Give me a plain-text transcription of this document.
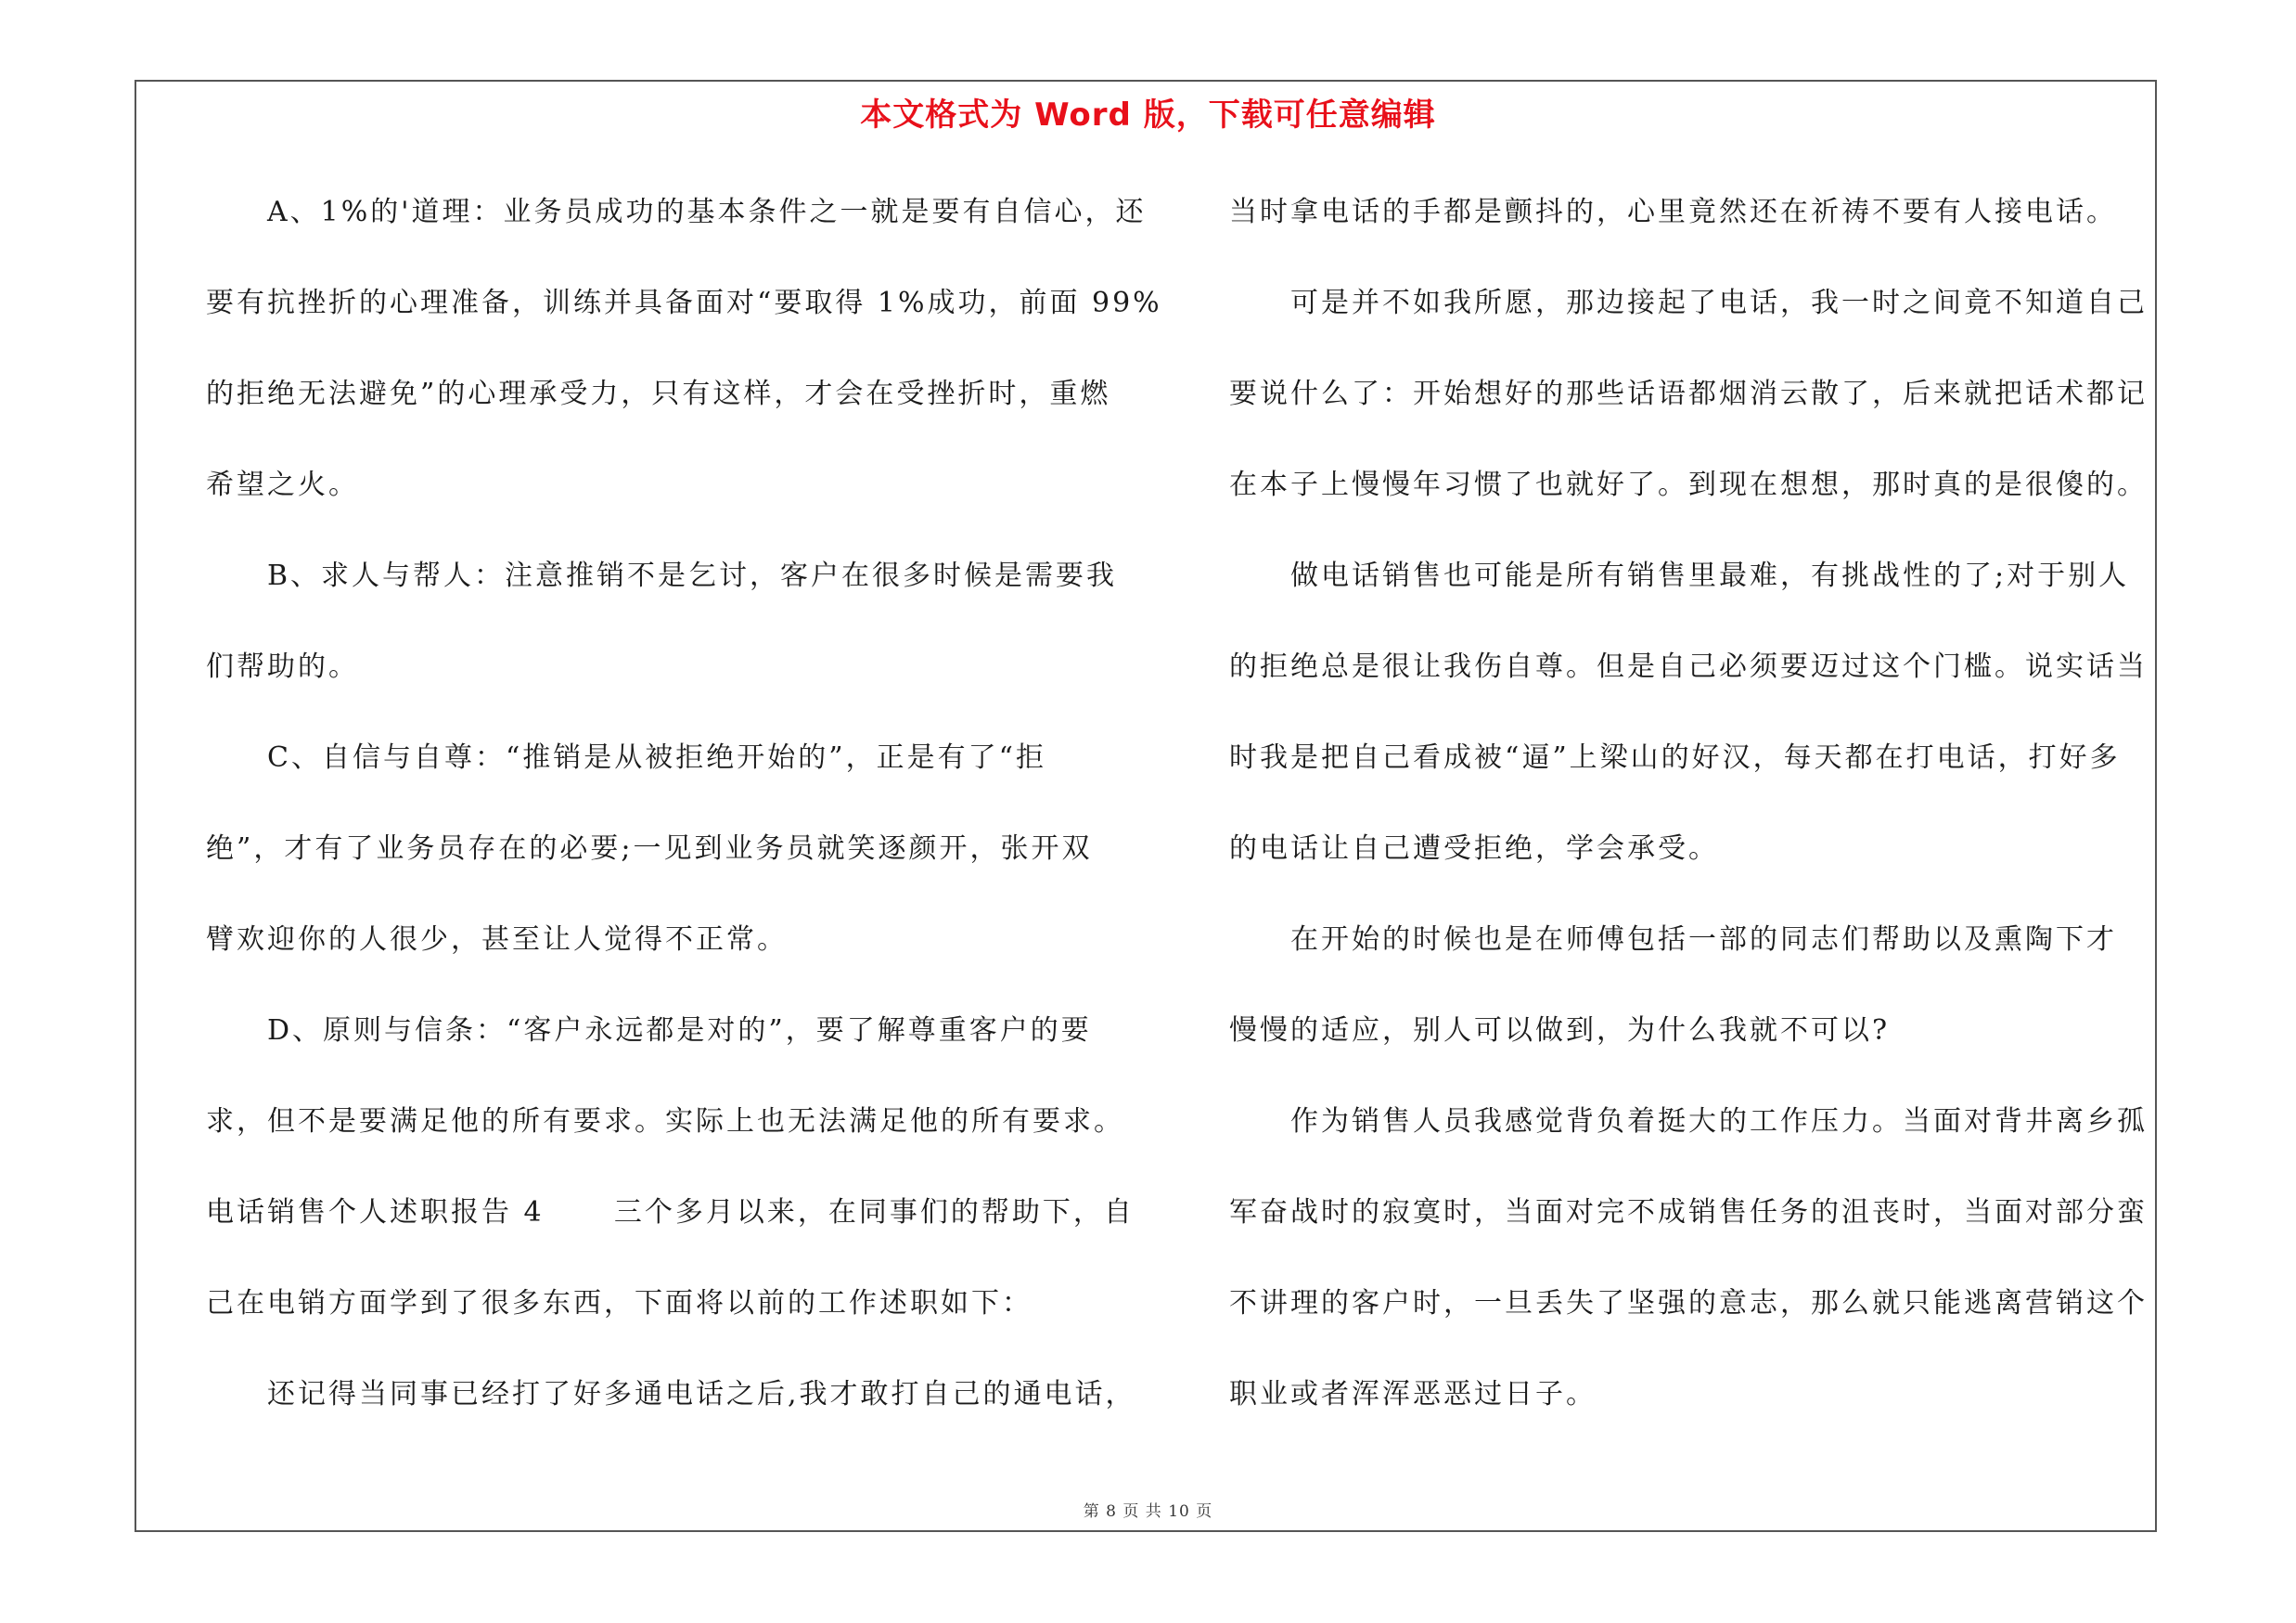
本文格式为 Word 版，下载可任意编辑
A、1%的'道理：业务员成功的基本条件之一就是要有自信心，还
要有抗挫折的心理准备，训练并具备面对“要取得 1%成功，前面 99%
的拒绝无法避免”的心理承受力，只有这样，才会在受挫折时，重燃
希望之火。
B、求人与帮人：注意推销不是乞讨，客户在很多时候是需要我
们帮助的。
C、自信与自尊：“推销是从被拒绝开始的”，正是有了“拒
绝”，才有了业务员存在的必要;一见到业务员就笑逐颜开，张开双
臂欢迎你的人很少，甚至让人觉得不正常。
D、原则与信条：“客户永远都是对的”，要了解尊重客户的要
求，但不是要满足他的所有要求。实际上也无法满足他的所有要求。
电话销售个人述职报告 4      三个多月以来，在同事们的帮助下，自
己在电销方面学到了很多东西，下面将以前的工作述职如下：
还记得当同事已经打了好多通电话之后,我才敢打自己的通电话，
当时拿电话的手都是颤抖的，心里竟然还在祈祷不要有人接电话。
可是并不如我所愿，那边接起了电话，我一时之间竟不知道自己
要说什么了：开始想好的那些话语都烟消云散了，后来就把话术都记
在本子上慢慢年习惯了也就好了。到现在想想，那时真的是很傻的。
做电话销售也可能是所有销售里最难，有挑战性的了;对于别人
的拒绝总是很让我伤自尊。但是自己必须要迈过这个门槛。说实话当
时我是把自己看成被“逼”上梁山的好汉，每天都在打电话，打好多
的电话让自己遭受拒绝，学会承受。
在开始的时候也是在师傅包括一部的同志们帮助以及熏陶下才
慢慢的适应，别人可以做到，为什么我就不可以?
作为销售人员我感觉背负着挺大的工作压力。当面对背井离乡孤
军奋战时的寂寞时，当面对完不成销售任务的沮丧时，当面对部分蛮
不讲理的客户时，一旦丢失了坚强的意志，那么就只能逃离营销这个
职业或者浑浑恶恶过日子。
第 8 页 共 10 页
